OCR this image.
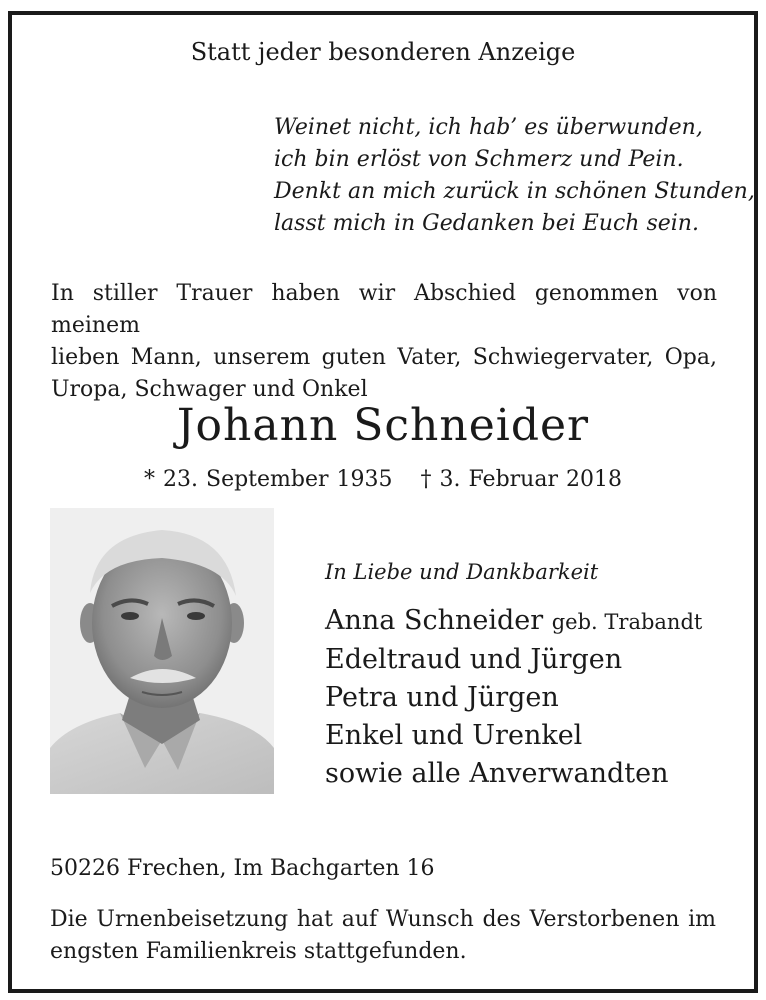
Statt jeder besonderen Anzeige
Weinet nicht, ich hab’ es überwunden,
ich bin erlöst von Schmerz und Pein.
Denkt an mich zurück in schönen Stunden,
lasst mich in Gedanken bei Euch sein.
In stiller Trauer haben wir Abschied genommen von meinem
lieben Mann, unserem guten Vater, Schwiegervater, Opa,
Uropa, Schwager und Onkel
Johann Schneider
* 23. September 1935 † 3. Februar 2018
In Liebe und Dankbarkeit
Anna Schneider geb. Trabandt
Edeltraud und Jürgen
Petra und Jürgen
Enkel und Urenkel
sowie alle Anverwandten
50226 Frechen, Im Bachgarten 16
Die Urnenbeisetzung hat auf Wunsch des Verstorbenen im
engsten Familienkreis stattgefunden.
